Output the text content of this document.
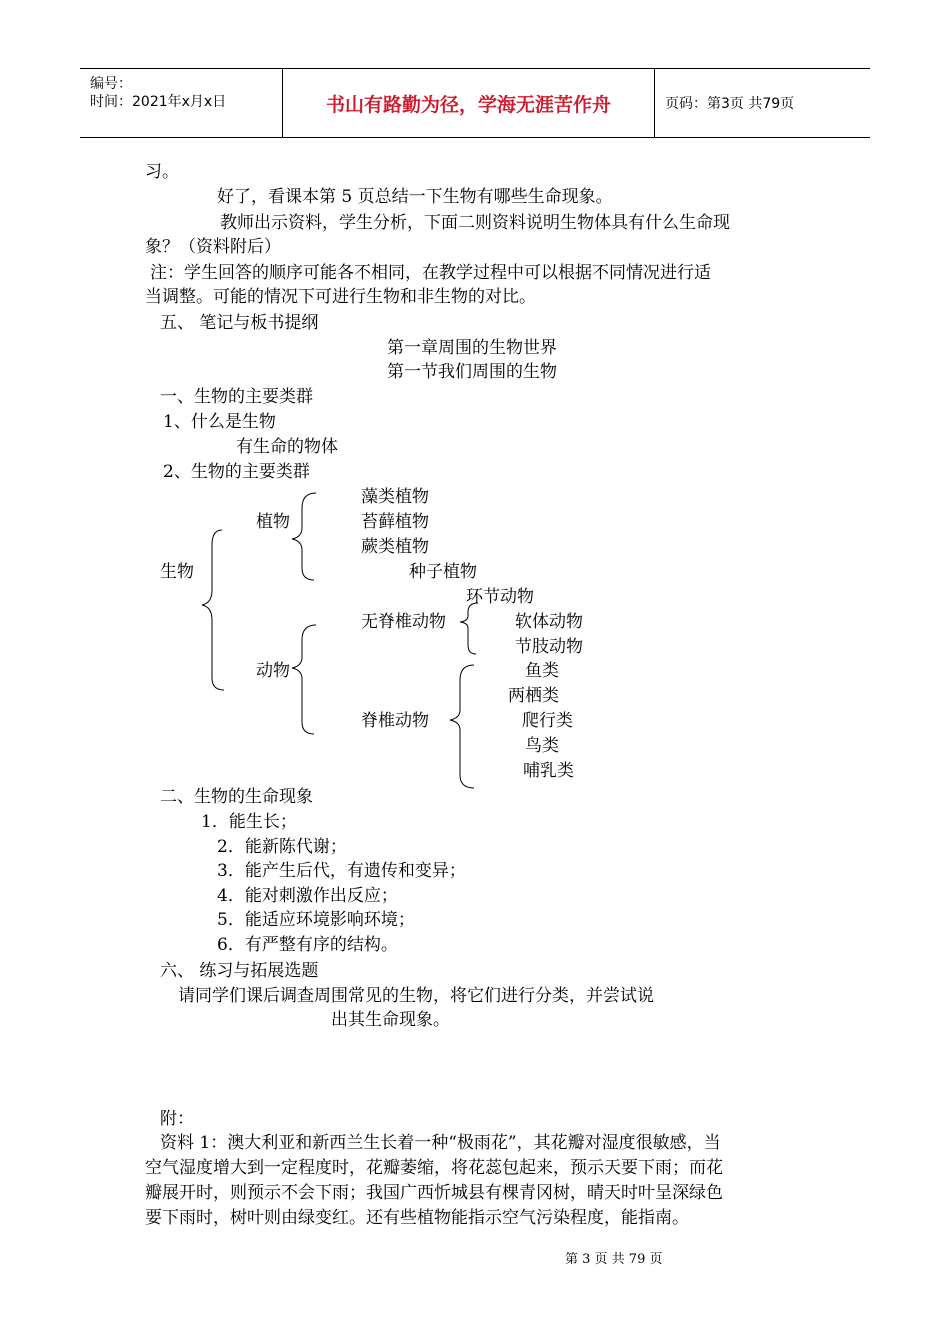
编号：
时间：2021年x月x日	书山有路勤为径，学海无涯苦作舟	页码：第3页 共79页
习。
好了，看课本第 5 页总结一下生物有哪些生命现象。
教师出示资料，学生分析，下面二则资料说明生物体具有什么生命现
象？（资料附后）
注：学生回答的顺序可能各不相同，在教学过程中可以根据不同情况进行适
当调整。可能的情况下可进行生物和非生物的对比。
五、 笔记与板书提纲
第一章周围的生物世界
第一节我们周围的生物
一、生物的主要类群
1、什么是生物
有生命的物体
2、生物的主要类群
生物
植物
藻类植物
苔藓植物
蕨类植物
种子植物
动物
无脊椎动物
环节动物
软体动物
节肢动物
脊椎动物
鱼类
两栖类
爬行类
鸟类
哺乳类
二、生物的生命现象
1．能生长；
2．能新陈代谢；
3．能产生后代，有遗传和变异；
4．能对刺激作出反应；
5．能适应环境影响环境；
6．有严整有序的结构。
六、 练习与拓展选题
请同学们课后调查周围常见的生物，将它们进行分类，并尝试说
出其生命现象。
附：
资料 1：澳大利亚和新西兰生长着一种“极雨花”，其花瓣对湿度很敏感，当
空气湿度增大到一定程度时，花瓣萎缩，将花蕊包起来，预示天要下雨；而花
瓣展开时，则预示不会下雨；我国广西忻城县有棵青冈树，晴天时叶呈深绿色
要下雨时，树叶则由绿变红。还有些植物能指示空气污染程度，能指南。
第 3 页 共 79 页
